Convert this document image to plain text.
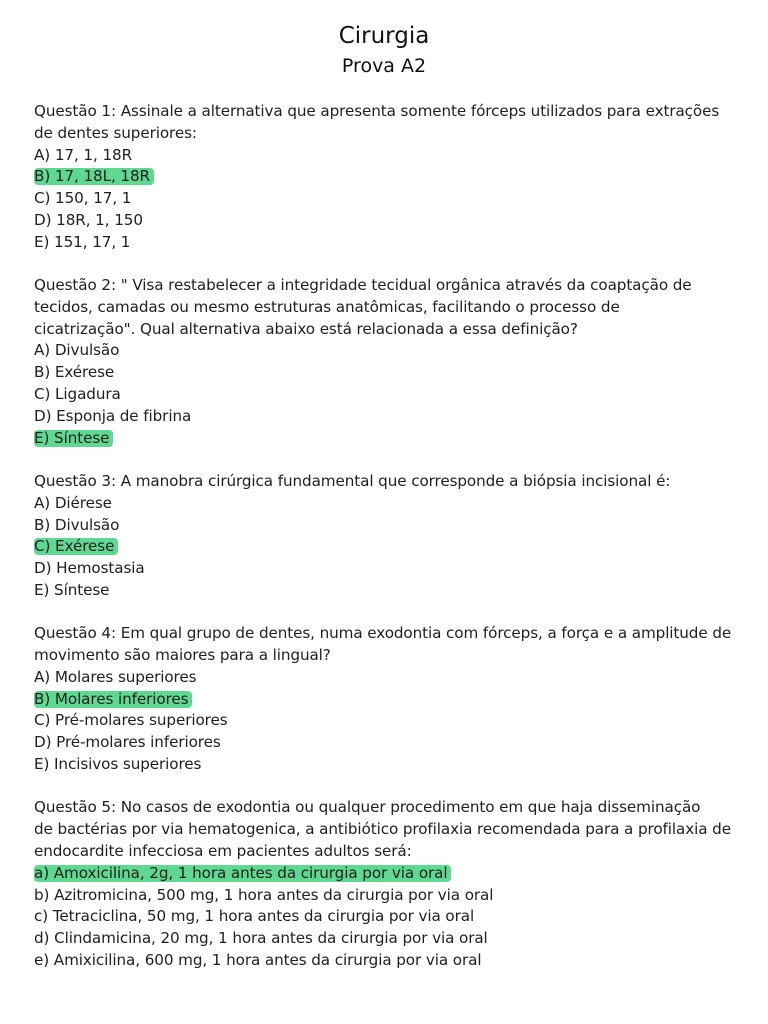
Cirurgia
Prova A2
Questão 1: Assinale a alternativa que apresenta somente fórceps utilizados para extrações
de dentes superiores:
A) 17, 1, 18R
B) 17, 18L, 18R
C) 150, 17, 1
D) 18R, 1, 150
E) 151, 17, 1
Questão 2: " Visa restabelecer a integridade tecidual orgânica através da coaptação de
tecidos, camadas ou mesmo estruturas anatômicas, facilitando o processo de
cicatrização". Qual alternativa abaixo está relacionada a essa definição?
A) Divulsão
B) Exérese
C) Ligadura
D) Esponja de fibrina
E) Síntese
Questão 3: A manobra cirúrgica fundamental que corresponde a biópsia incisional é:
A) Diérese
B) Divulsão
C) Exérese
D) Hemostasia
E) Síntese
Questão 4: Em qual grupo de dentes, numa exodontia com fórceps, a força e a amplitude de
movimento são maiores para a lingual?
A) Molares superiores
B) Molares inferiores
C) Pré-molares superiores
D) Pré-molares inferiores
E) Incisivos superiores
Questão 5: No casos de exodontia ou qualquer procedimento em que haja disseminação
de bactérias por via hematogenica, a antibiótico profilaxia recomendada para a profilaxia de
endocardite infecciosa em pacientes adultos será:
a) Amoxicilina, 2g, 1 hora antes da cirurgia por via oral
b) Azitromicina, 500 mg, 1 hora antes da cirurgia por via oral
c) Tetraciclina, 50 mg, 1 hora antes da cirurgia por via oral
d) Clindamicina, 20 mg, 1 hora antes da cirurgia por via oral
e) Amixicilina, 600 mg, 1 hora antes da cirurgia por via oral
